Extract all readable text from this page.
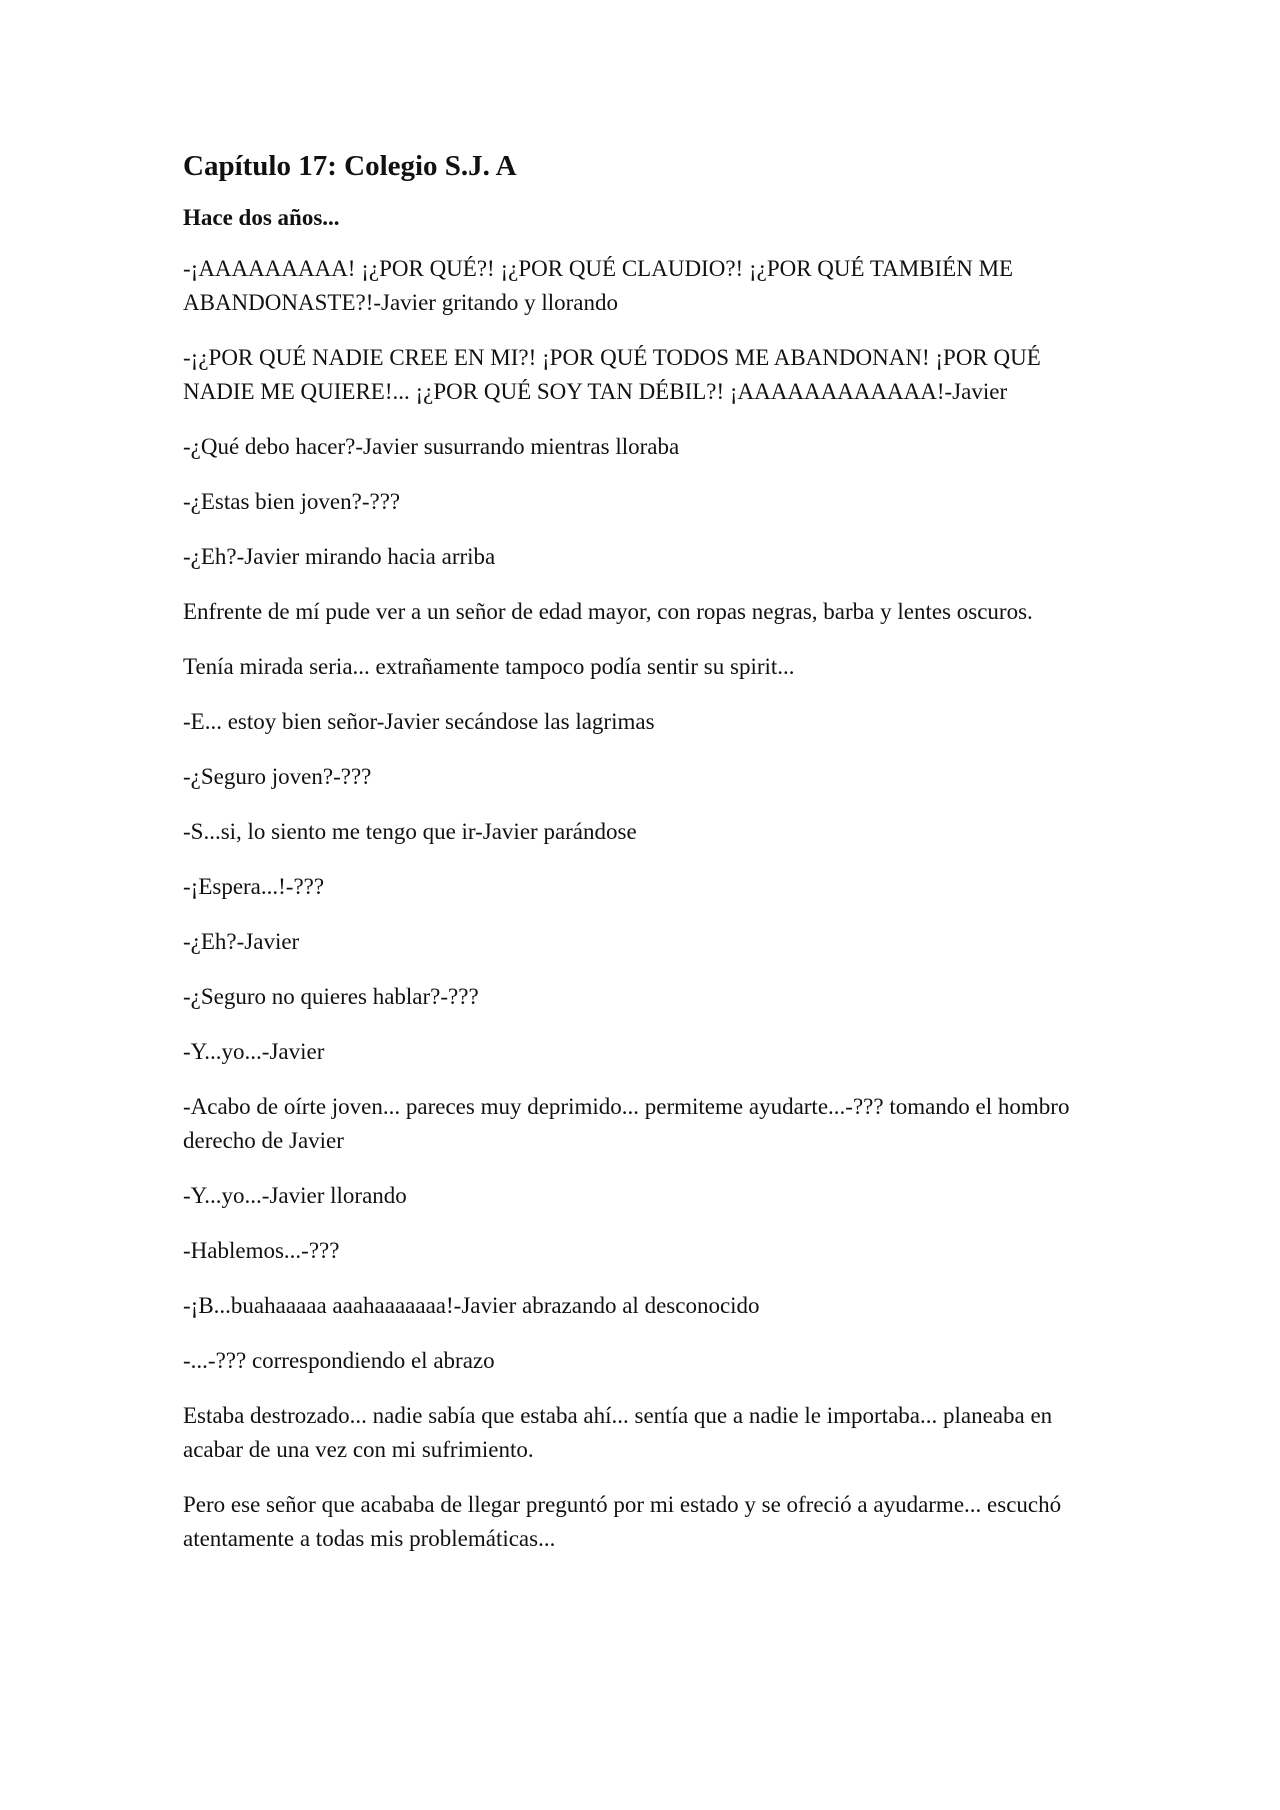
Capítulo 17: Colegio S.J. A
Hace dos años...

-¡AAAAAAAAA! ¡¿POR QUÉ?! ¡¿POR QUÉ CLAUDIO?! ¡¿POR QUÉ TAMBIÉN ME ABANDONASTE?!-Javier gritando y llorando

-¡¿POR QUÉ NADIE CREE EN MI?! ¡POR QUÉ TODOS ME ABANDONAN! ¡POR QUÉ NADIE ME QUIERE!... ¡¿POR QUÉ SOY TAN DÉBIL?! ¡AAAAAAAAAAAA!-Javier

-¿Qué debo hacer?-Javier susurrando mientras lloraba

-¿Estas bien joven?-???

-¿Eh?-Javier mirando hacia arriba

Enfrente de mí pude ver a un señor de edad mayor, con ropas negras, barba y lentes oscuros.

Tenía mirada seria... extrañamente tampoco podía sentir su spirit...

-E... estoy bien señor-Javier secándose las lagrimas

-¿Seguro joven?-???

-S...si, lo siento me tengo que ir-Javier parándose

-¡Espera...!-???

-¿Eh?-Javier

-¿Seguro no quieres hablar?-???

-Y...yo...-Javier

-Acabo de oírte joven... pareces muy deprimido... permiteme ayudarte...-??? tomando el hombro derecho de Javier

-Y...yo...-Javier llorando

-Hablemos...-???

-¡B...buahaaaaa aaahaaaaaaa!-Javier abrazando al desconocido

-...-??? correspondiendo el abrazo

Estaba destrozado... nadie sabía que estaba ahí... sentía que a nadie le importaba... planeaba en acabar de una vez con mi sufrimiento.

Pero ese señor que acababa de llegar preguntó por mi estado y se ofreció a ayudarme... escuchó atentamente a todas mis problemáticas...
